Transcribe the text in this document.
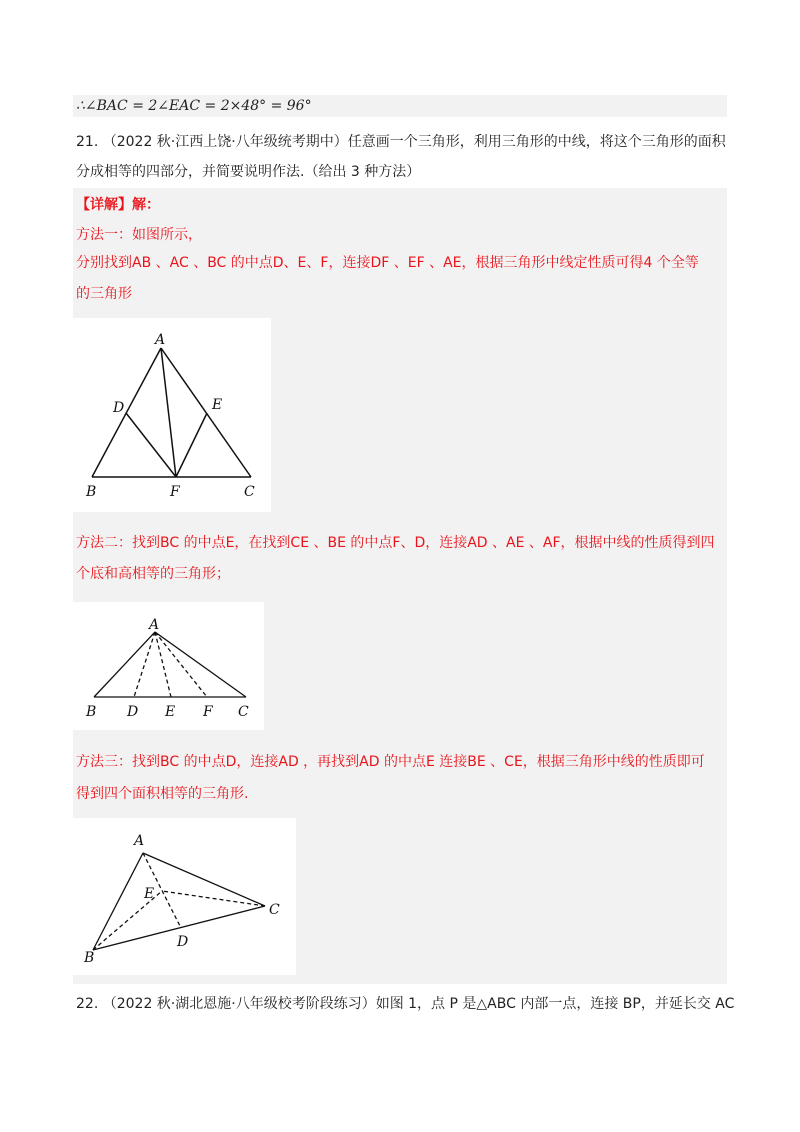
∴∠BAC = 2∠EAC = 2×48° = 96°
21. （2022 秋·江西上饶·八年级统考期中）任意画一个三角形，利用三角形的中线，将这个三角形的面积
分成相等的四部分，并简要说明作法.（给出 3 种方法）
【详解】解：
方法一：如图所示，
分别找到AB 、AC 、BC 的中点D、E、F，连接DF 、EF 、AE，根据三角形中线定性质可得4 个全等
的三角形
A
D	E
B	F	C
方法二：找到BC 的中点E，在找到CE 、BE 的中点F、D，连接AD 、AE 、AF，根据中线的性质得到四
个底和高相等的三角形；
A
B D E F C
方法三：找到BC 的中点D，连接AD ，再找到AD 的中点E 连接BE 、CE，根据三角形中线的性质即可
得到四个面积相等的三角形.
A
E
C
D
B
22. （2022 秋·湖北恩施·八年级校考阶段练习）如图 1，点 P 是△ABC 内部一点，连接 BP，并延长交 AC
